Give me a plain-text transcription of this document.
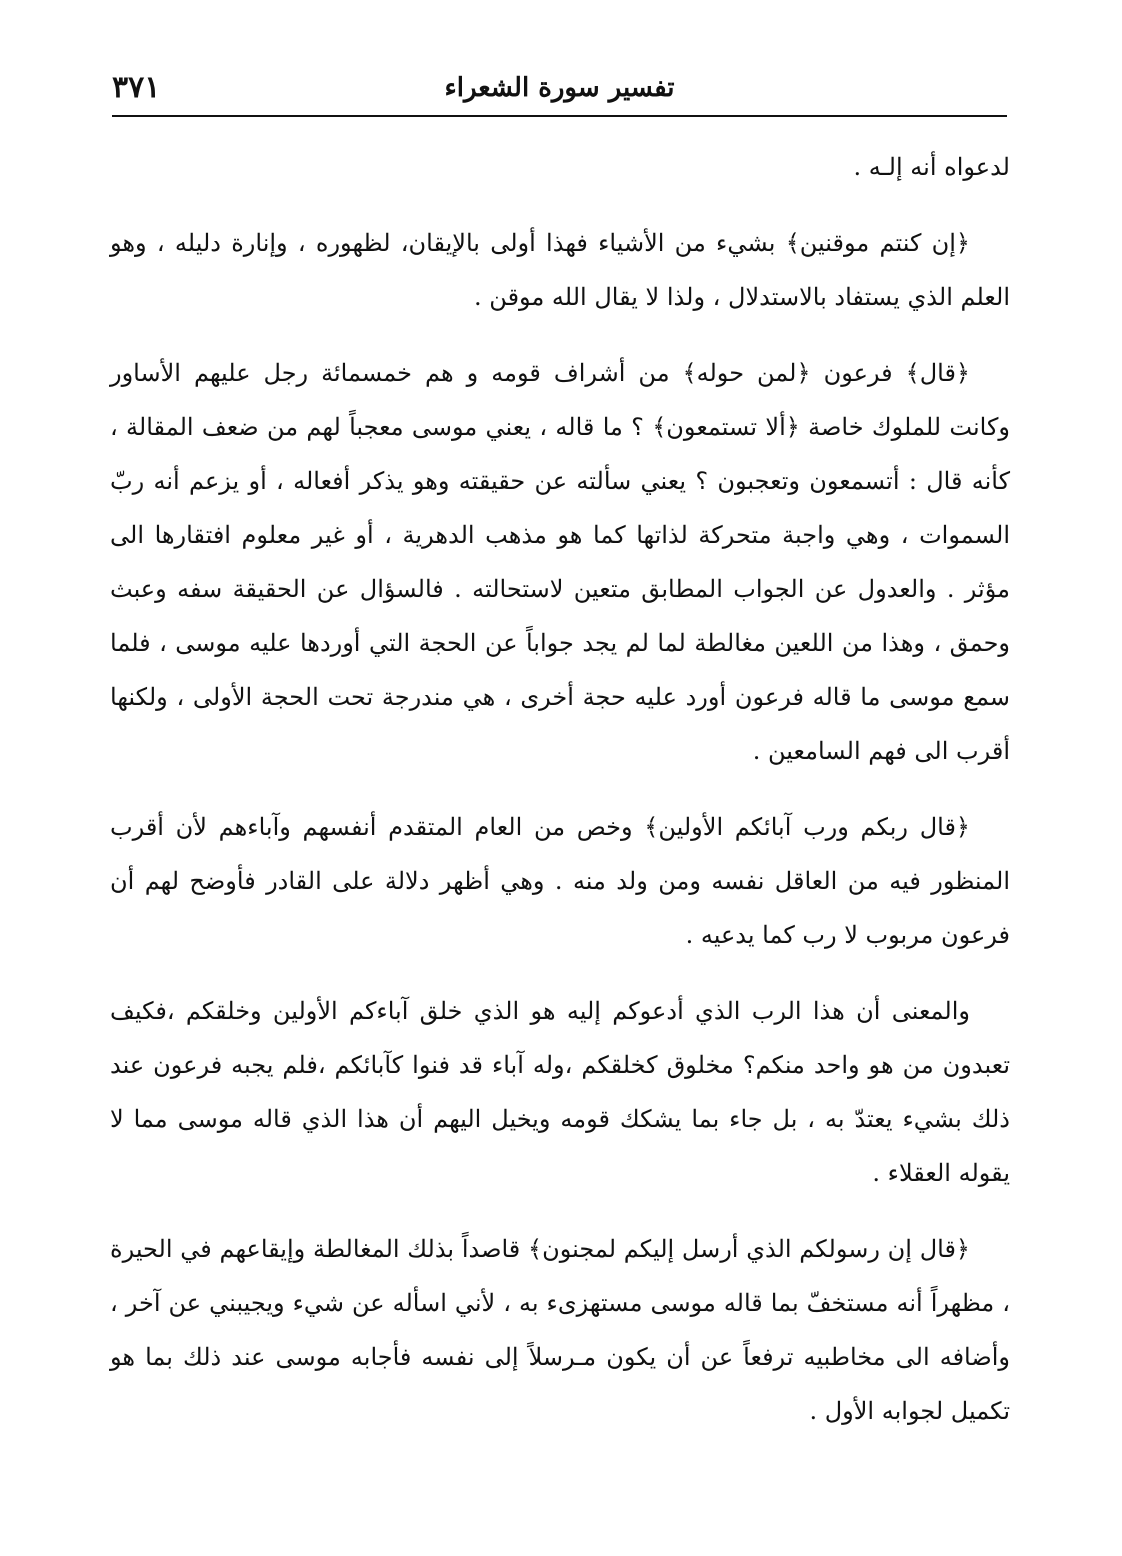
٣٧١	تفسير سورة الشعراء

لدعواه أنه إلـه .

﴿إن كنتم موقنين﴾ بشيء من الأشياء فهذا أولى بالإيقان، لظهوره ، وإنارة دليله ، وهو العلم الذي يستفاد بالاستدلال ، ولذا لا يقال الله موقن .

﴿قال﴾ فرعون ﴿لمن حوله﴾ من أشراف قومه و هم خمسمائة رجل عليهم الأساور وكانت للملوك خاصة ﴿ألا تستمعون﴾ ؟ ما قاله ، يعني موسى معجباً لهم من ضعف المقالة ، كأنه قال : أتسمعون وتعجبون ؟ يعني سألته عن حقيقته وهو يذكر أفعاله ، أو يزعم أنه ربّ السموات ، وهي واجبة متحركة لذاتها كما هو مذهب الدهرية ، أو غير معلوم افتقارها الى مؤثر . والعدول عن الجواب المطابق متعين لاستحالته . فالسؤال عن الحقيقة سفه وعبث وحمق ، وهذا من اللعين مغالطة لما لم يجد جواباً عن الحجة التي أوردها عليه موسى ، فلما سمع موسى ما قاله فرعون أورد عليه حجة أخرى ، هي مندرجة تحت الحجة الأولى ، ولكنها أقرب الى فهم السامعين .

﴿قال ربكم ورب آبائكم الأولين﴾ وخص من العام المتقدم أنفسهم وآباءهم لأن أقرب المنظور فيه من العاقل نفسه ومن ولد منه . وهي أظهر دلالة على القادر فأوضح لهم أن فرعون مربوب لا رب كما يدعيه .

والمعنى أن هذا الرب الذي أدعوكم إليه هو الذي خلق آباءكم الأولين وخلقكم ،فكيف تعبدون من هو واحد منكم؟ مخلوق كخلقكم ،وله آباء قد فنوا كآبائكم ،فلم يجبه فرعون عند ذلك بشيء يعتدّ به ، بل جاء بما يشكك قومه ويخيل اليهم أن هذا الذي قاله موسى مما لا يقوله العقلاء .

﴿قال إن رسولكم الذي أرسل إليكم لمجنون﴾ قاصداً بذلك المغالطة وإيقاعهم في الحيرة ، مظهراً أنه مستخفّ بما قاله موسى مستهزىء به ، لأني اسأله عن شيء ويجيبني عن آخر ، وأضافه الى مخاطبيه ترفعاً عن أن يكون مـرسلاً إلى نفسه فأجابه موسى عند ذلك بما هو تكميل لجوابه الأول .
